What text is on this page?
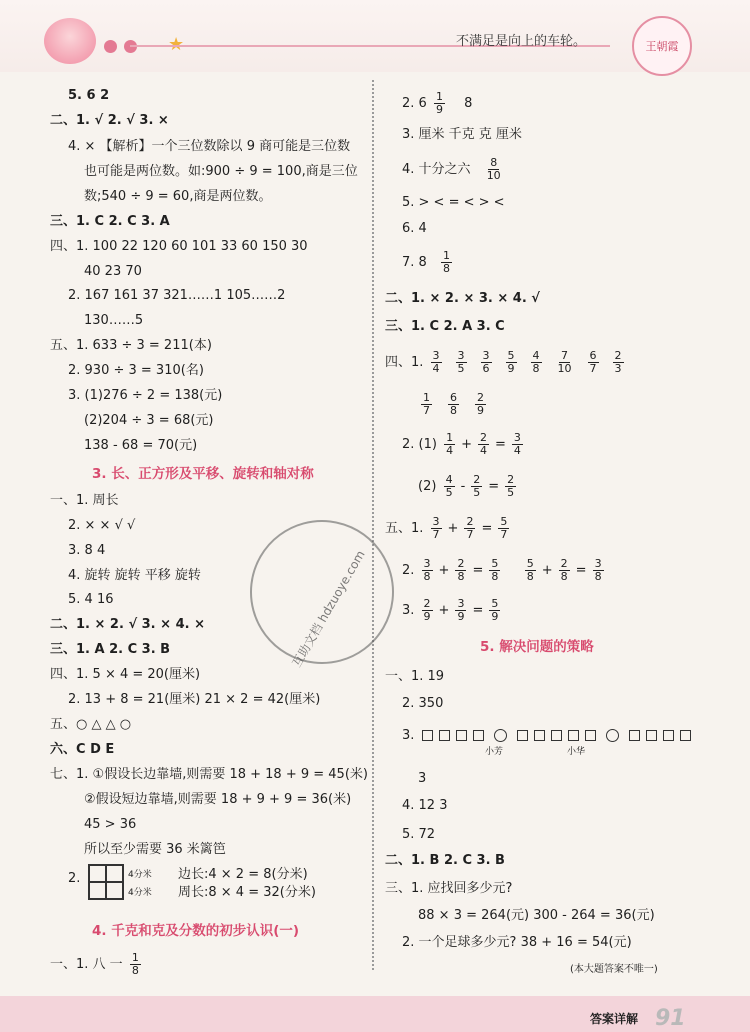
不满足是向上的车轮。	王朝霞
5. 6 2
二、1. √ 2. √ 3. ×
4. × 【解析】一个三位数除以 9 商可能是三位数
也可能是两位数。如:900 ÷ 9 = 100,商是三位
数;540 ÷ 9 = 60,商是两位数。
三、1. C 2. C 3. A
四、1. 100 22 120 60 101 33 60 150 30
40 23 70
2. 167 161 37 321……1 105……2
130……5
五、1. 633 ÷ 3 = 211(本)
2. 930 ÷ 3 = 310(名)
3. (1)276 ÷ 2 = 138(元)
(2)204 ÷ 3 = 68(元)
138 - 68 = 70(元)
3. 长、正方形及平移、旋转和轴对称
一、1. 周长
2. × × √ √
3. 8 4
4. 旋转 旋转 平移 旋转
5. 4 16
二、1. × 2. √ 3. × 4. ×
三、1. A 2. C 3. B
四、1. 5 × 4 = 20(厘米)
2. 13 + 8 = 21(厘米) 21 × 2 = 42(厘米)
五、○ △ △ ○
六、C D E
七、1. ①假设长边靠墙,则需要 18 + 18 + 9 = 45(米)
②假设短边靠墙,则需要 18 + 9 + 9 = 36(米)
45 > 36
所以至少需要 36 米篱笆
2.	4分米
4分米
边长:4 × 2 = 8(分米)
周长:8 × 4 = 32(分米)
4. 千克和克及分数的初步认识(一)
一、1. 八 一 $\frac{1}{8}$
2. $6 \frac{1}{9} 8$
3. 厘米 千克 克 厘米
4. 十分之六 $\frac{8}{10}$
5. > < = < > <
6. 4
7. $8 \frac{1}{8}$
二、1. × 2. × 3. × 4. √
三、1. C 2. A 3. C
四、1. $\frac{3}{4} \frac{3}{5} \frac{3}{6} \frac{5}{9} \frac{4}{8} \frac{7}{10} \frac{6}{7} \frac{2}{3}$
$\frac{1}{7} \frac{6}{8} \frac{2}{9}$
2. $(1) \frac{1}{4} + \frac{2}{4} = \frac{3}{4}$
$(2) \frac{4}{5} - \frac{2}{5} = \frac{2}{5}$
五、1. $\frac{3}{7} + \frac{2}{7} = \frac{5}{7}$
2. $\frac{3}{8} + \frac{2}{8} = \frac{5}{8}$
$\frac{5}{8} + \frac{2}{8} = \frac{3}{8}$
3. $\frac{2}{9} + \frac{3}{9} = \frac{5}{9}$
5. 解决问题的策略
一、1. 19
2. 350
3.
小芳	小华
3
4. 12 3
5. 72
二、1. B 2. C 3. B
三、1. 应找回多少元?
88 × 3 = 264(元) 300 - 264 = 36(元)
2. 一个足球多少元? 38 + 16 = 54(元)
(本大题答案不唯一)
互助文档 hdzuoye.com
答案详解 91
